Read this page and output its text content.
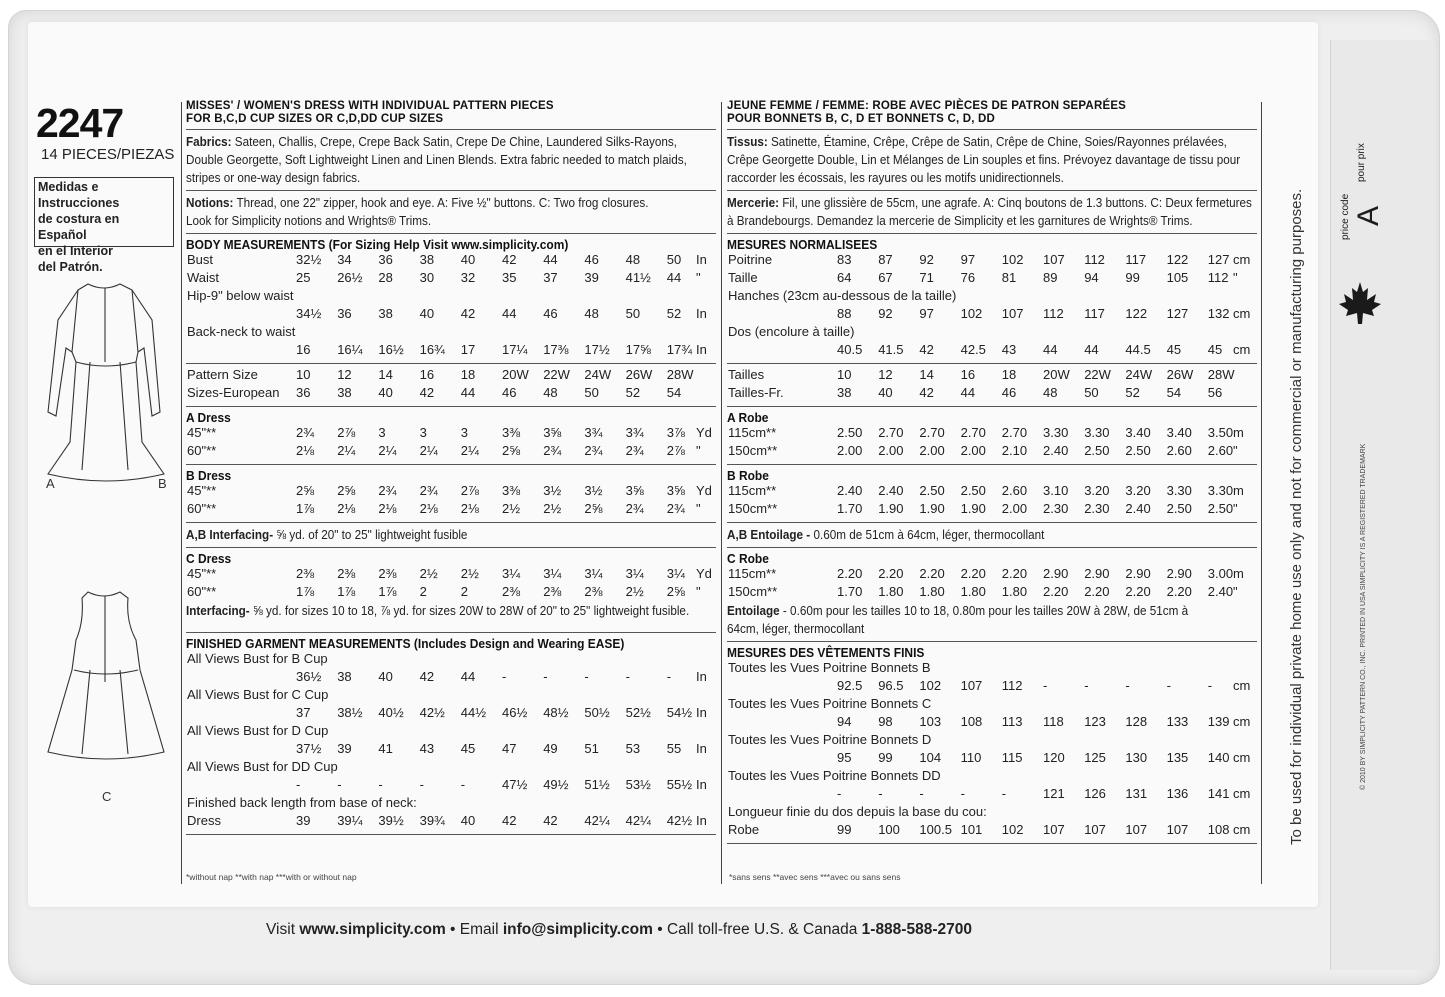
2247
14 PIECES/PIEZAS
Medidas e Instrucciones
de costura en Español
en el Interior
del Patrón.
A	B
C
MISSES' / WOMEN'S DRESS WITH INDIVIDUAL PATTERN PIECES
FOR B,C,D CUP SIZES OR C,D,DD CUP SIZES
Fabrics: Sateen, Challis, Crepe, Crepe Back Satin, Crepe De Chine, Laundered Silks-Rayons,
Double Georgette, Soft Lightweight Linen and Linen Blends. Extra fabric needed to match plaids,
stripes or one-way design fabrics.
Notions: Thread, one 22" zipper, hook and eye. A: Five ½" buttons. C: Two frog closures.
Look for Simplicity notions and Wrights® Trims.
BODY MEASUREMENTS (For Sizing Help Visit www.simplicity.com)
Bust	32½ 34 36 38 40 42 44 46 48 50 In
Waist	25 26½ 28 30 32 35 37 39 41½ 44 "
Hip-9" below waist
34½ 36 38 40 42 44 46 48 50 52 In
Back-neck to waist
16 16¼ 16½ 16¾ 17 17¼ 17⅜ 17½ 17⅝ 17¾ In
Pattern Size	10 12 14 16 18 20W 22W 24W 26W 28W
Sizes-European 36 38 40 42 44 46 48 50 52 54
A Dress
45"**	2¾ 2⅞ 3	3	3	3⅜ 3⅝ 3¾ 3¾ 3⅞ Yd
60"**	2⅛ 2¼ 2¼ 2¼ 2¼ 2⅝ 2¾ 2¾ 2¾ 2⅞ "
B Dress
45"**	2⅝ 2⅝ 2¾ 2¾ 2⅞ 3⅜ 3½ 3½ 3⅝ 3⅝ Yd
60"**	1⅞ 2⅛ 2⅛ 2⅛ 2⅛ 2½ 2½ 2⅝ 2¾ 2¾ "
A,B Interfacing- ⅝ yd. of 20" to 25" lightweight fusible
C Dress
45"**	2⅜ 2⅜ 2⅜ 2½ 2½ 3¼ 3¼ 3¼ 3¼ 3¼ Yd
60"**	1⅞ 1⅞ 1⅞ 2	2	2⅜ 2⅜ 2⅜ 2½ 2⅝ "
Interfacing- ⅝ yd. for sizes 10 to 18, ⅞ yd. for sizes 20W to 28W of 20" to 25" lightweight fusible.
FINISHED GARMENT MEASUREMENTS (Includes Design and Wearing EASE)
All Views Bust for B Cup
36½ 38 40 42 44 -	-	-	-	- In
All Views Bust for C Cup
37 38½ 40½ 42½ 44½ 46½ 48½ 50½ 52½ 54½ In
All Views Bust for D Cup
37½ 39 41 43 45 47 49 51 53 55 In
All Views Bust for DD Cup
-	-	-	-	-	47½ 49½ 51½ 53½ 55½ In
Finished back length from base of neck:
Dress	39 39¼ 39½ 39¾ 40 42 42 42¼ 42¼ 42½ In
*without nap **with nap ***with or without nap
JEUNE FEMME / FEMME: ROBE AVEC PIÈCES DE PATRON SEPARÉES
POUR BONNETS B, C, D ET BONNETS C, D, DD
Tissus: Satinette, Étamine, Crêpe, Crêpe de Satin, Crêpe de Chine, Soies/Rayonnes prélavées,
Crêpe Georgette Double, Lin et Mélanges de Lin souples et fins. Prévoyez davantage de tissu pour
raccorder les écossais, les rayures ou les motifs unidirectionnels.
Mercerie: Fil, une glissière de 55cm, une agrafe. A: Cinq boutons de 1.3 buttons. C: Deux fermetures
à Brandebourgs. Demandez la mercerie de Simplicity et les garnitures de Wrights® Trims.
MESURES NORMALISEES
Poitrine	83 87 92 97 102 107 112 117 122 127 cm
Taille	64 67 71 76 81 89 94 99 105 112 "
Hanches (23cm au-dessous de la taille)
88 92 97 102 107 112 117 122 127 132 cm
Dos (encolure à taille)
40.5 41.5 42 42.5 43 44 44 44.5 45 45 cm
Tailles	10 12 14 16 18 20W 22W 24W 26W 28W
Tailles-Fr.	38 40 42 44 46 48 50 52 54 56
A Robe
115cm**	2.50 2.70 2.70 2.70 2.70 3.30 3.30 3.40 3.40 3.50 m
150cm**	2.00 2.00 2.00 2.00 2.10 2.40 2.50 2.50 2.60 2.60 "
B Robe
115cm**	2.40 2.40 2.50 2.50 2.60 3.10 3.20 3.20 3.30 3.30 m
150cm**	1.70 1.90 1.90 1.90 2.00 2.30 2.30 2.40 2.50 2.50 "
A,B Entoilage - 0.60m de 51cm à 64cm, léger, thermocollant
C Robe
115cm**	2.20 2.20 2.20 2.20 2.20 2.90 2.90 2.90 2.90 3.00 m
150cm**	1.70 1.80 1.80 1.80 1.80 2.20 2.20 2.20 2.20 2.40 "
Entoilage - 0.60m pour les tailles 10 to 18, 0.80m pour les tailles 20W à 28W, de 51cm à
64cm, léger, thermocollant
MESURES DES VÊTEMENTS FINIS
Toutes les Vues Poitrine Bonnets B
92.5 96.5 102 107 112 -	-	-	-	- cm
Toutes les Vues Poitrine Bonnets C
94 98 103 108 113 118 123 128 133 139 cm
Toutes les Vues Poitrine Bonnets D
95 99 104 110 115 120 125 130 135 140 cm
Toutes les Vues Poitrine Bonnets DD
-	-	-	-	-	121 126 131 136 141 cm
Longueur finie du dos depuis la base du cou:
Robe	99 100 100.5 101 102 107 107 107 107 108 cm
*sans sens **avec sens ***avec ou sans sens
Visit www.simplicity.com • Email info@simplicity.com • Call toll-free U.S. & Canada 1-888-588-2700
To be used for individual private home use only and not for commercial or manufacturing purposes.	© 2010 BY SIMPLICITY PATTERN CO., INC. PRINTED IN USA SIMPLICITY IS A REGISTERED TRADEMARK
price code A
pour prix
